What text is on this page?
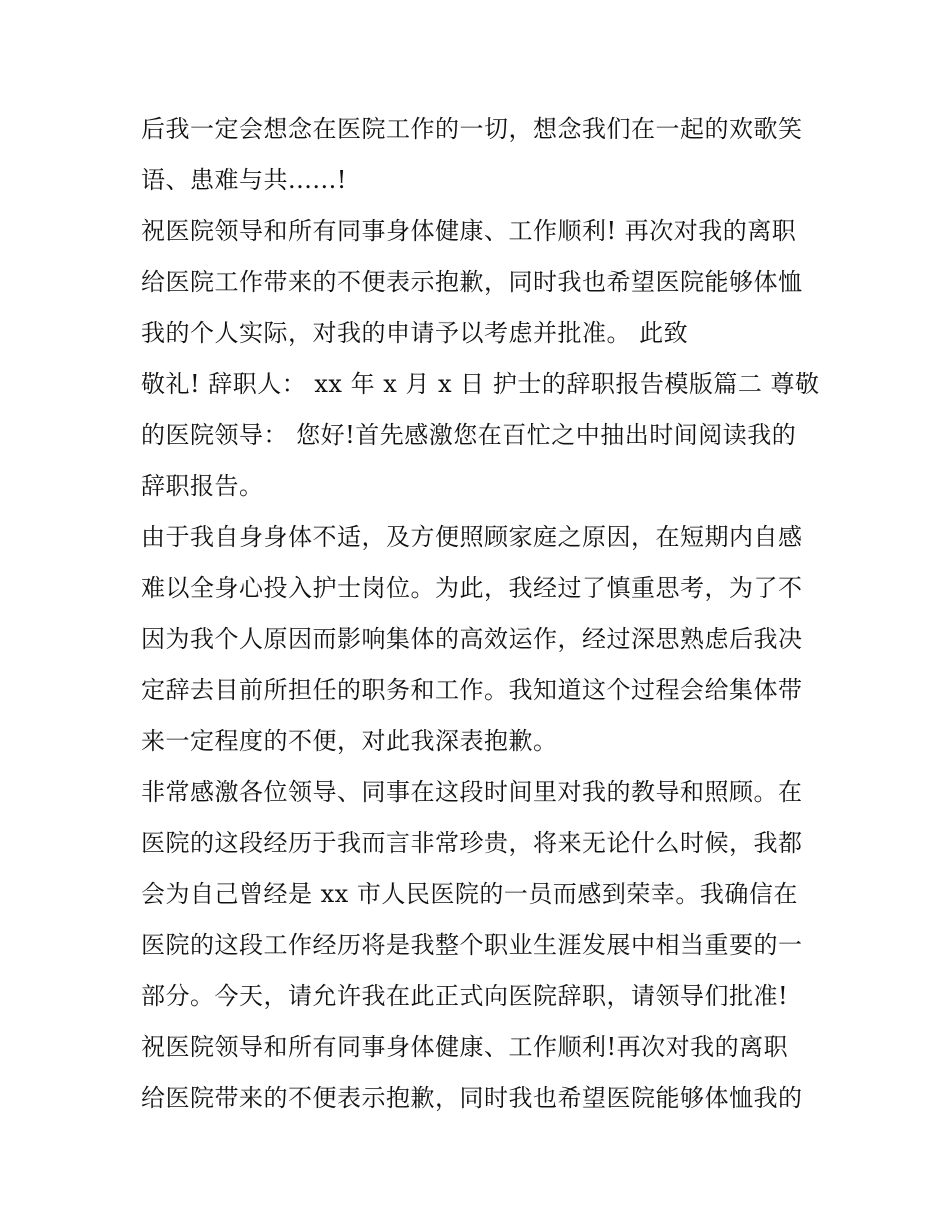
后我一定会想念在医院工作的一切，想念我们在一起的欢歌笑
语、患难与共......!
祝医院领导和所有同事身体健康、工作顺利! 再次对我的离职
给医院工作带来的不便表示抱歉，同时我也希望医院能够体恤
我的个人实际，对我的申请予以考虑并批准。 此致
敬礼! 辞职人： xx 年 x 月 x 日 护士的辞职报告模版篇二 尊敬
的医院领导： 您好!首先感激您在百忙之中抽出时间阅读我的
辞职报告。
由于我自身身体不适，及方便照顾家庭之原因，在短期内自感
难以全身心投入护士岗位。为此，我经过了慎重思考，为了不
因为我个人原因而影响集体的高效运作，经过深思熟虑后我决
定辞去目前所担任的职务和工作。我知道这个过程会给集体带
来一定程度的不便，对此我深表抱歉。
非常感激各位领导、同事在这段时间里对我的教导和照顾。在
医院的这段经历于我而言非常珍贵，将来无论什么时候，我都
会为自己曾经是 xx 市人民医院的一员而感到荣幸。我确信在
医院的这段工作经历将是我整个职业生涯发展中相当重要的一
部分。今天，请允许我在此正式向医院辞职，请领导们批准!
祝医院领导和所有同事身体健康、工作顺利!再次对我的离职
给医院带来的不便表示抱歉，同时我也希望医院能够体恤我的
